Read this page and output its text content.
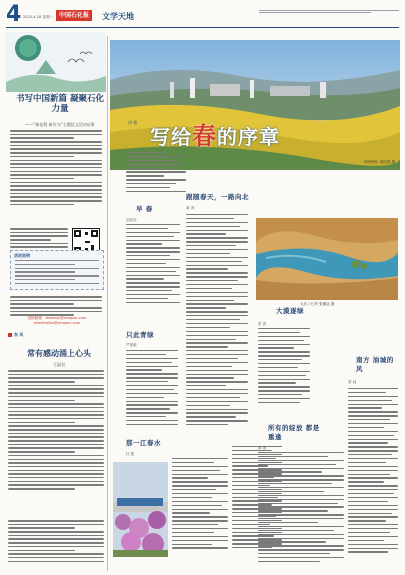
4 2022.4.18 星期一 中国石化报	文学天地
书写中国新篇 凝聚石化力量
——“新征程 新作为”主题征文活动启事
活动说明
投稿邮箱：zbwenyi@sinopec.com
shenlitwfzx@sinopec.com
东 风
常有感动涌上心头
王淑君
诗 歌
写给春的序章
荆州炼化 刘振国 摄
早 春
刘竞存
只此青绿
严凯敏
那一江春水
杜 铭
跟随春天，一路向北
姜 涛
大庆 / 石华 张鹏远 摄
大漠逐绿
张 波
所有的绽放 都是重逢
陈 燕
南方 油城的风
曾 灿
